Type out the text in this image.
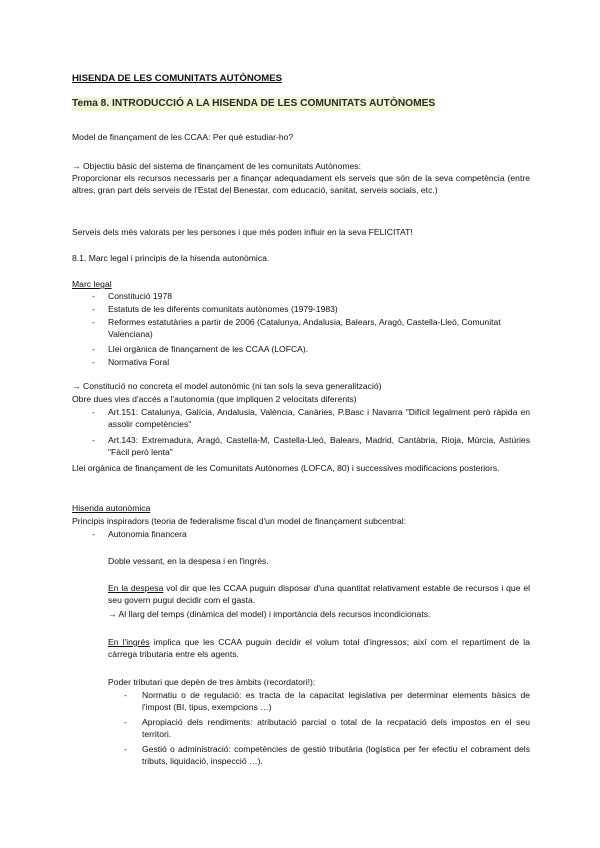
HISENDA DE LES COMUNITATS AUTÒNOMES
Tema 8. INTRODUCCIÓ A LA HISENDA DE LES COMUNITATS AUTÒNOMES
Model de finançament de les CCAA: Per què estudiar-ho?
→ Objectiu bàsic del sistema de finançament de les comunitats Autònomes:
Proporcionar els recursos necessaris per a finançar adequadament els serveis que són de la seva competència (entre altres, gran part dels serveis de l'Estat del Benestar, com educació, sanitat, serveis socials, etc.)
Serveis dels més valorats per les persones i que més poden influir en la seva FELICITAT!
8.1. Marc legal i principis de la hisenda autonòmica.
Marc legal
- Constitució 1978
- Estatuts de les diferents comunitats autònomes (1979-1983)
- Reformes estatutàries a partir de 2006 (Catalunya, Andalusia, Balears, Aragó, Castella-Lleó, Comunitat Valenciana)
- Llei orgànica de finançament de les CCAA (LOFCA).
- Normativa Foral
→ Constitució no concreta el model autonòmic (ni tan sols la seva generalització)
Obre dues vies d'accés a l'autonomia (que impliquen 2 velocitats diferents)
- Art.151: Catalunya, Galícia, Andalusia, València, Canàries, P.Basc i Navarra "Difícil legalment però ràpida en assolir competències"
- Art.143: Extremadura, Aragó, Castella-M, Castella-Lleó, Balears, Madrid, Cantàbria, Rioja, Múrcia, Astúries "Fàcil però lenta"
Llei orgànica de finançament de les Comunitats Autònomes (LOFCA, 80) i successives modificacions posteriors.
Hisenda autonòmica
Principis inspiradors (teoria de federalisme fiscal d'un model de finançament subcentral:
- Autonomia financera
Doble vessant, en la despesa i en l'ingrés.
En la despesa vol dir que les CCAA puguin disposar d'una quantitat relativament estable de recursos i que el seu govern pugui decidir com el gasta.
→ Al llarg del temps (dinàmica del model) i importància dels recursos incondicionats.
En l'ingrés implica que les CCAA puguin decidir el volum total d'ingressos; així com el repartiment de la càrrega tributaria entre els agents.
Poder tributari que depèn de tres àmbits (recordatori!):
- Normatiu o de regulació: es tracta de la capacitat legislativa per determinar elements bàsics de l'impost (BI, tipus, exempcions …)
- Apropiació dels rendiments: atributació parcial o total de la recpatació dels impostos en el seu territori.
- Gestió o administració: competències de gestió tributària (logística per fer efectiu el cobrament dels tributs, liquidació, inspecció …).
